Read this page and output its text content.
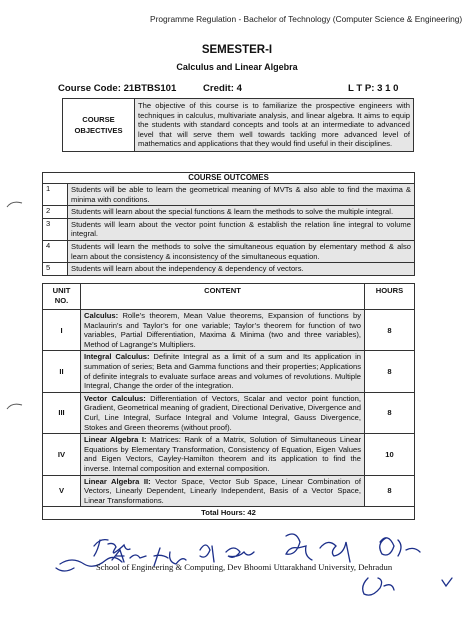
Programme Regulation - Bachelor of Technology (Computer Science & Engineering)
SEMESTER-I
Calculus and Linear Algebra
Course Code: 21BTBS101	Credit: 4	L T P: 3 1 0
COURSE
OBJECTIVES
	The objective of this course is to familiarize the prospective engineers with techniques in calculus, multivariate analysis, and linear algebra. It aims to equip the students with standard concepts and tools at an intermediate to advanced level that will serve them well towards tackling more advanced level of mathematics and applications that they would find useful in their disciplines.
COURSE OUTCOMES	
1	Students will be able to learn the geometrical meaning of MVTs & also able to find the maxima & minima with conditions.
2	Students will learn about the special functions & learn the methods to solve the multiple integral.
3	Students will learn about the vector point function & establish the relation line integral to volume integral.
4	Students will learn the methods to solve the simultaneous equation by elementary method & also learn about the consistency & inconsistency of the simultaneous equation.
5	Students will learn about the independency & dependency of vectors.
UNIT
NO.	CONTENT	HOURS
I	Calculus: Rolle’s theorem, Mean Value theorems, Expansion of functions by Maclaurin’s and Taylor’s for one variable; Taylor’s theorem for function of two variables, Partial Differentiation, Maxima & Minima (two and three variables), Method of Lagrange’s Multipliers.	8
II	Integral Calculus: Definite Integral as a limit of a sum and Its application in summation of series; Beta and Gamma functions and their properties; Applications of definite integrals to evaluate surface areas and volumes of revolutions. Multiple Integral, Change the order of the integration.	8
III	Vector Calculus: Differentiation of Vectors, Scalar and vector point function, Gradient, Geometrical meaning of gradient, Directional Derivative, Divergence and Curl, Line Integral, Surface Integral and Volume Integral, Gauss Divergence, Stokes and Green theorems (without proof).	8
IV	Linear Algebra I: Matrices: Rank of a Matrix, Solution of Simultaneous Linear Equations by Elementary Transformation, Consistency of Equation, Eigen Values and Eigen Vectors, Cayley-Hamilton theorem and its application to find the inverse. Internal composition and external composition.	10
V	Linear Algebra II: Vector Space, Vector Sub Space, Linear Combination of Vectors, Linearly Dependent, Linearly Independent, Basis of a Vector Space, Linear Transformations.	8
Total Hours: 42		
School of Engineering & Computing, Dev Bhoomi Uttarakhand University, Dehradun
